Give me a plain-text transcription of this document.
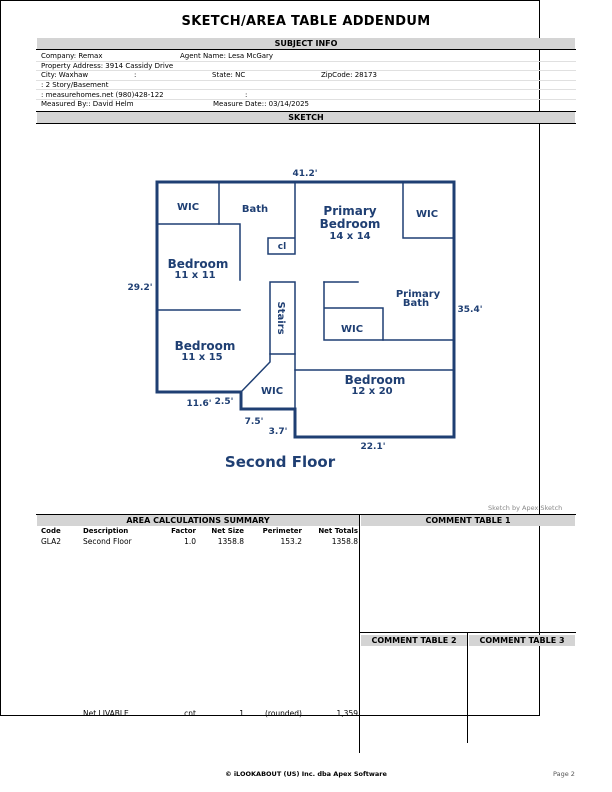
SKETCH/AREA TABLE ADDENDUM
SUBJECT INFO
Company: Remax	Agent Name: Lesa McGary
Property Address: 3914 Cassidy Drive
City: Waxhaw	:	State: NC	ZipCode: 28173
: 2 Story/Basement
: measurehomes.net (980)428-122	:
Measured By:: David Helm	Measure Date:: 03/14/2025
SKETCH
WIC	Bath	Primary
Bedroom
14 x 14
WIC
Bedroom
11 x 11
cl
Primary
Bath
Stairs	WIC
Bedroom
11 x 15
WIC
Bedroom
12 x 20
41.2'
29.2'
35.4'
11.6' 2.5'
7.5'
3.7'
22.1'
Second Floor
Sketch by Apex Sketch
AREA CALCULATIONS SUMMARY	COMMENT TABLE 1
Code	Description	Factor	Net Size	Perimeter	Net Totals
GLA2	Second Floor	1.0	1358.8	153.2	1358.8
Net LIVABLE	cnt	1	(rounded)	1,359
COMMENT TABLE 2	COMMENT TABLE 3
© iLOOKABOUT (US) Inc. dba Apex Software	Page 2
